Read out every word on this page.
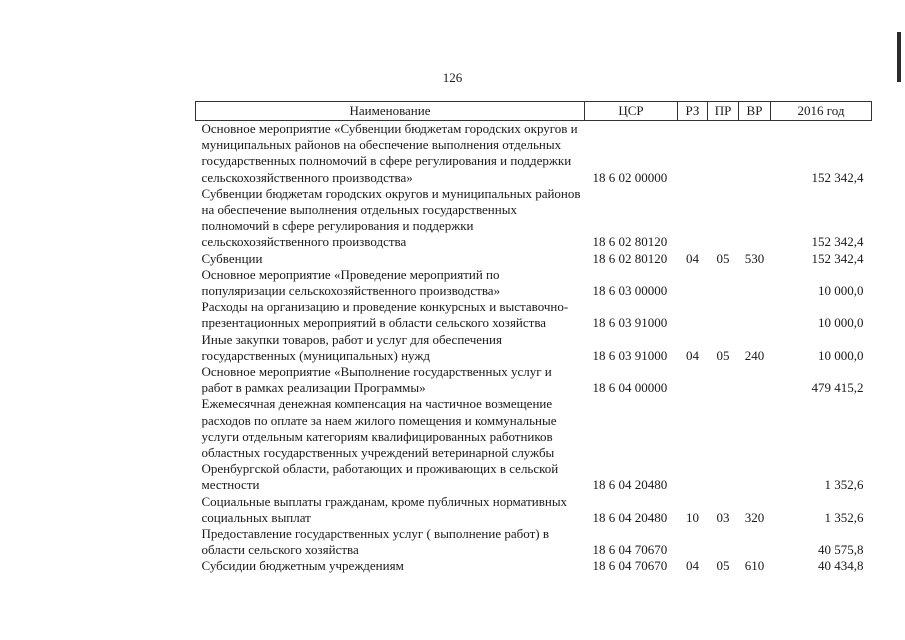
126
Наименование	ЦСР	РЗ	ПР	ВР	2016 год
Основное мероприятие «Субвенции бюджетам городских округов и муниципальных районов на обеспечение выполнения отдельных государственных полномочий в сфере регулирования и поддержки сельскохозяйственного производства»	18 6 02 00000				152 342,4
Субвенции бюджетам городских округов и муниципальных районов на обеспечение выполнения отдельных государственных полномочий в сфере регулирования и поддержки сельскохозяйственного производства	18 6 02 80120				152 342,4
Субвенции	18 6 02 80120	04	05	530	152 342,4
Основное мероприятие «Проведение мероприятий по популяризации сельскохозяйственного производства»	18 6 03 00000				10 000,0
Расходы на организацию и проведение конкурсных и выставочно-презентационных мероприятий в области сельского хозяйства	18 6 03 91000				10 000,0
Иные закупки товаров, работ и услуг для обеспечения государственных (муниципальных) нужд	18 6 03 91000	04	05	240	10 000,0
Основное мероприятие «Выполнение государственных услуг и работ в рамках реализации Программы»	18 6 04 00000				479 415,2
Ежемесячная денежная компенсация на частичное возмещение расходов по оплате за наем жилого помещения и коммунальные услуги отдельным категориям квалифицированных работников областных государственных учреждений ветеринарной службы Оренбургской области, работающих и проживающих в сельской местности	18 6 04 20480				1 352,6
Социальные выплаты гражданам, кроме публичных нормативных социальных выплат	18 6 04 20480	10	03	320	1 352,6
Предоставление государственных услуг ( выполнение работ) в области сельского хозяйства	18 6 04 70670				40 575,8
Субсидии бюджетным учреждениям	18 6 04 70670	04	05	610	40 434,8
